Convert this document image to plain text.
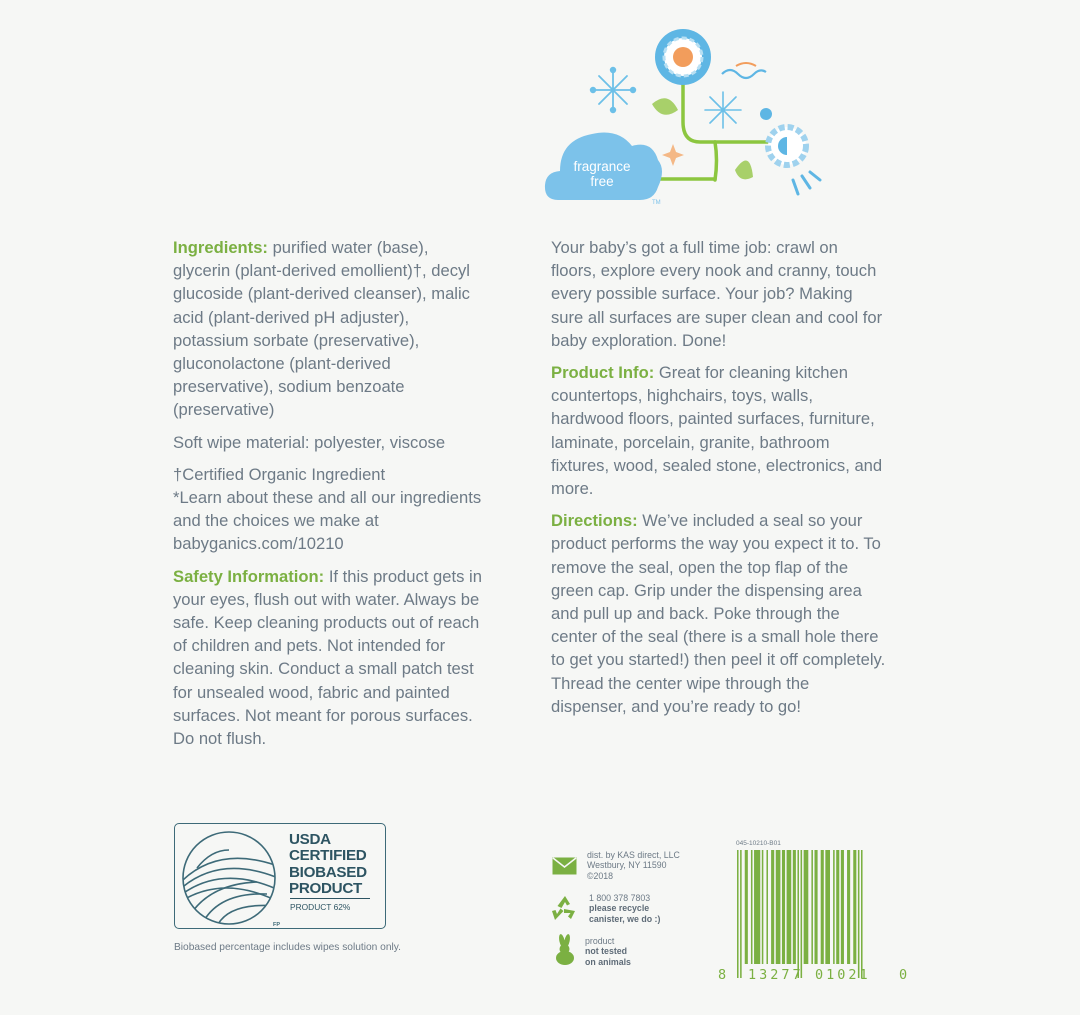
fragrance
free
TM

Ingredients: purified water (base), glycerin (plant-derived emollient)†, decyl glucoside (plant-derived cleanser), malic acid (plant-derived pH adjuster), potassium sorbate (preservative), gluconolactone (plant-derived preservative), sodium benzoate (preservative)

Soft wipe material: polyester, viscose

†Certified Organic Ingredient

*Learn about these and all our ingredients and the choices we make at babyganics.com/10210

Safety Information: If this product gets in your eyes, flush out with water. Always be safe. Keep cleaning products out of reach of children and pets. Not intended for cleaning skin. Conduct a small patch test for unsealed wood, fabric and painted surfaces. Not meant for porous surfaces. Do not flush.

Your baby’s got a full time job: crawl on floors, explore every nook and cranny, touch every possible surface. Your job? Making sure all surfaces are super clean and cool for baby exploration. Done!

Product Info: Great for cleaning kitchen countertops, highchairs, toys, walls, hardwood floors, painted surfaces, furniture, laminate, porcelain, granite, bathroom fixtures, wood, sealed stone, electronics, and more.

Directions: We’ve included a seal so your product performs the way you expect it to. To remove the seal, open the top flap of the green cap. Grip under the dispensing area and pull up and back. Poke through the center of the seal (there is a small hole there to get you started!) then peel it off completely. Thread the center wipe through the dispenser, and you’re ready to go!

FP
USDA
CERTIFIED
BIOBASED
PRODUCT
PRODUCT 62%
Biobased percentage includes wipes solution only.
dist. by KAS direct, LLC
Westbury, NY 11590
©2018
1 800 378 7803
please recycle
canister, we do :)
product
not tested
on animals
045-10210-B01
8 13277 01021 0
